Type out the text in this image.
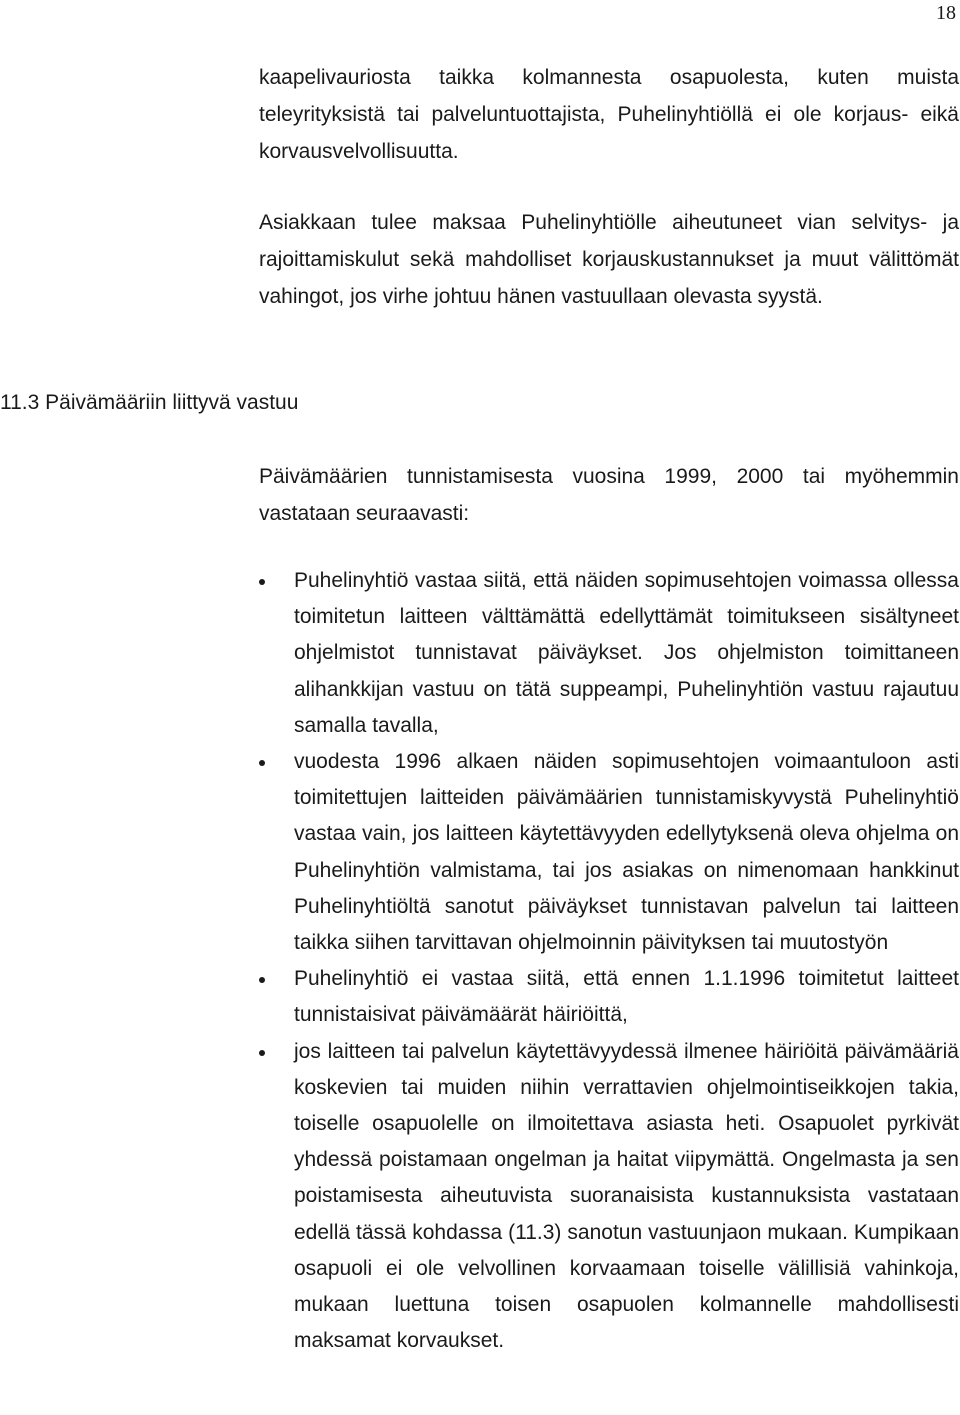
18

kaapelivauriosta taikka kolmannesta osapuolesta, kuten muista teleyrityksistä tai palveluntuottajista, Puhelinyhtiöllä ei ole korjaus- eikä korvausvelvollisuutta.

Asiakkaan tulee maksaa Puhelinyhtiölle aiheutuneet vian selvitys- ja rajoittamiskulut sekä mahdolliset korjauskustannukset ja muut välittömät vahingot, jos virhe johtuu hänen vastuullaan olevasta syystä.

11.3 Päivämääriin liittyvä vastuu

Päivämäärien tunnistamisesta vuosina 1999, 2000 tai myöhemmin vastataan seuraavasti:

Puhelinyhtiö vastaa siitä, että näiden sopimusehtojen voimassa ollessa toimitetun laitteen välttämättä edellyttämät toimitukseen sisältyneet ohjelmistot tunnistavat päiväykset. Jos ohjelmiston toimittaneen alihankkijan vastuu on tätä suppeampi, Puhelinyhtiön vastuu rajautuu samalla tavalla,
vuodesta 1996 alkaen näiden sopimusehtojen voimaantuloon asti toimitettujen laitteiden päivämäärien tunnistamiskyvystä Puhelinyhtiö vastaa vain, jos laitteen käytettävyyden edellytyksenä oleva ohjelma on Puhelinyhtiön valmistama, tai jos asiakas on nimenomaan hankkinut Puhelinyhtiöltä sanotut päiväykset tunnistavan palvelun tai laitteen taikka siihen tarvittavan ohjelmoinnin päivityksen tai muutostyön
Puhelinyhtiö ei vastaa siitä, että ennen 1.1.1996 toimitetut laitteet tunnistaisivat päivämäärät häiriöittä,
jos laitteen tai palvelun käytettävyydessä ilmenee häiriöitä päivämääriä koskevien tai muiden niihin verrattavien ohjelmointiseikkojen takia, toiselle osapuolelle on ilmoitettava asiasta heti. Osapuolet pyrkivät yhdessä poistamaan ongelman ja haitat viipymättä. Ongelmasta ja sen poistamisesta aiheutuvista suoranaisista kustannuksista vastataan edellä tässä kohdassa (11.3) sanotun vastuunjaon mukaan. Kumpikaan osapuoli ei ole velvollinen korvaamaan toiselle välillisiä vahinkoja, mukaan luettuna toisen osapuolen kolmannelle mahdollisesti maksamat korvaukset.
